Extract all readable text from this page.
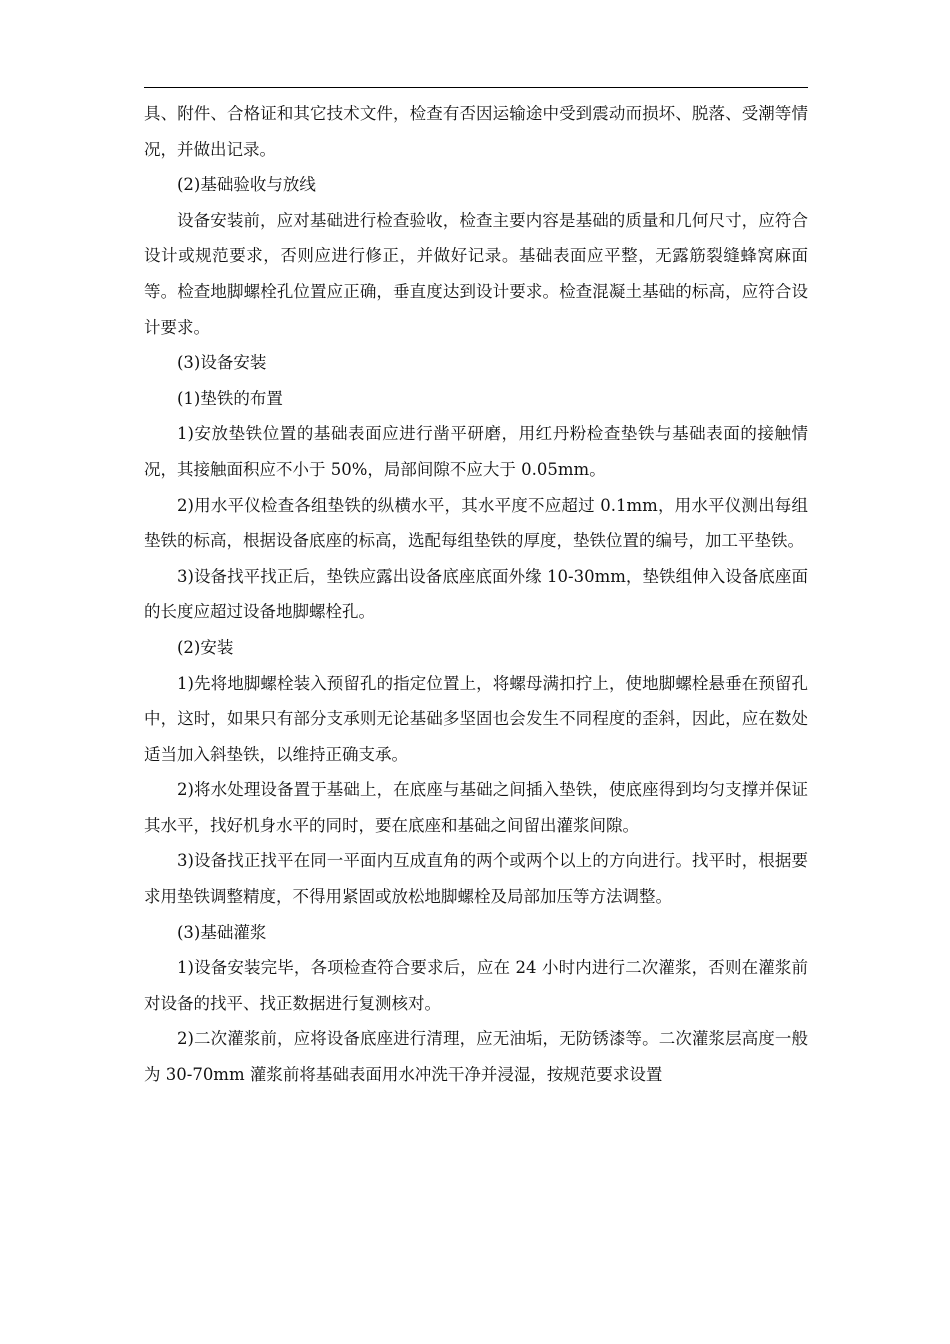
具、附件、合格证和其它技术文件，检查有否因运输途中受到震动而损坏、脱落、受潮等情况，并做出记录。

(2)基础验收与放线

设备安装前，应对基础进行检查验收，检查主要内容是基础的质量和几何尺寸，应符合设计或规范要求，否则应进行修正，并做好记录。基础表面应平整，无露筋裂缝蜂窝麻面等。检查地脚螺栓孔位置应正确，垂直度达到设计要求。检查混凝土基础的标高，应符合设计要求。

(3)设备安装

(1)垫铁的布置

1)安放垫铁位置的基础表面应进行凿平研磨，用红丹粉检查垫铁与基础表面的接触情况，其接触面积应不小于 50%，局部间隙不应大于 0.05mm。

2)用水平仪检查各组垫铁的纵横水平，其水平度不应超过 0.1mm，用水平仪测出每组垫铁的标高，根据设备底座的标高，选配每组垫铁的厚度，垫铁位置的编号，加工平垫铁。

3)设备找平找正后，垫铁应露出设备底座底面外缘 10-30mm，垫铁组伸入设备底座面的长度应超过设备地脚螺栓孔。

(2)安装

1)先将地脚螺栓装入预留孔的指定位置上，将螺母满扣拧上，使地脚螺栓悬垂在预留孔中，这时，如果只有部分支承则无论基础多坚固也会发生不同程度的歪斜，因此，应在数处适当加入斜垫铁，以维持正确支承。

2)将水处理设备置于基础上，在底座与基础之间插入垫铁，使底座得到均匀支撑并保证其水平，找好机身水平的同时，要在底座和基础之间留出灌浆间隙。

3)设备找正找平在同一平面内互成直角的两个或两个以上的方向进行。找平时，根据要求用垫铁调整精度，不得用紧固或放松地脚螺栓及局部加压等方法调整。

(3)基础灌浆

1)设备安装完毕，各项检查符合要求后，应在 24 小时内进行二次灌浆，否则在灌浆前对设备的找平、找正数据进行复测核对。

2)二次灌浆前，应将设备底座进行清理，应无油垢，无防锈漆等。二次灌浆层高度一般为 30-70mm 灌浆前将基础表面用水冲洗干净并浸湿，按规范要求设置
